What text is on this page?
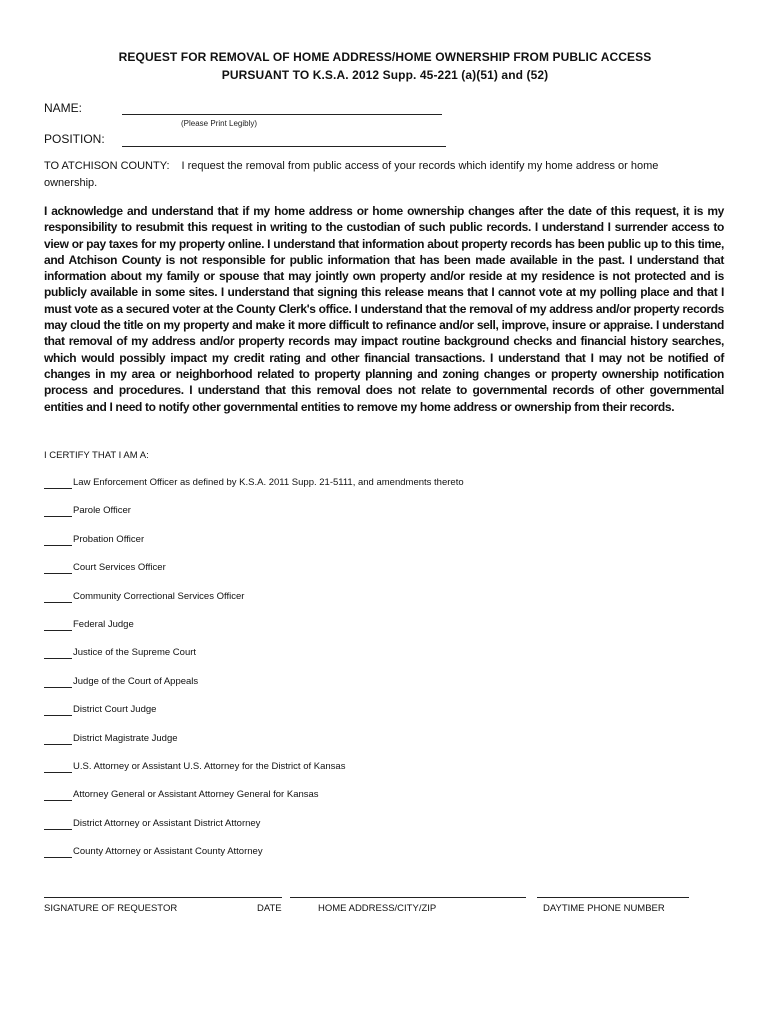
REQUEST FOR REMOVAL OF HOME ADDRESS/HOME OWNERSHIP FROM PUBLIC ACCESS
PURSUANT TO K.S.A. 2012 Supp. 45-221 (a)(51) and (52)
NAME:
(Please Print Legibly)
POSITION:
TO ATCHISON COUNTY: I request the removal from public access of your records which identify my home address or home
ownership.
I acknowledge and understand that if my home address or home ownership changes after the date of this request, it is my responsibility to resubmit this request in writing to the custodian of such public records. I understand I surrender access to view or pay taxes for my property online. I understand that information about property records has been public up to this time, and Atchison County is not responsible for public information that has been made available in the past. I understand that information about my family or spouse that may jointly own property and/or reside at my residence is not protected and is publicly available in some sites. I understand that signing this release means that I cannot vote at my polling place and that I must vote as a secured voter at the County Clerk's office. I understand that the removal of my address and/or property records may cloud the title on my property and make it more difficult to refinance and/or sell, improve, insure or appraise. I understand that removal of my address and/or property records may impact routine background checks and financial history searches, which would possibly impact my credit rating and other financial transactions. I understand that I may not be notified of changes in my area or neighborhood related to property planning and zoning changes or property ownership notification process and procedures. I understand that this removal does not relate to governmental records of other governmental entities and I need to notify other governmental entities to remove my home address or ownership from their records.
I CERTIFY THAT I AM A:
Law Enforcement Officer as defined by K.S.A. 2011 Supp. 21-5111, and amendments thereto
Parole Officer
Probation Officer
Court Services Officer
Community Correctional Services Officer
Federal Judge
Justice of the Supreme Court
Judge of the Court of Appeals
District Court Judge
District Magistrate Judge
U.S. Attorney or Assistant U.S. Attorney for the District of Kansas
Attorney General or Assistant Attorney General for Kansas
District Attorney or Assistant District Attorney
County Attorney or Assistant County Attorney
SIGNATURE OF REQUESTOR	DATE	HOME ADDRESS/CITY/ZIP	DAYTIME PHONE NUMBER
